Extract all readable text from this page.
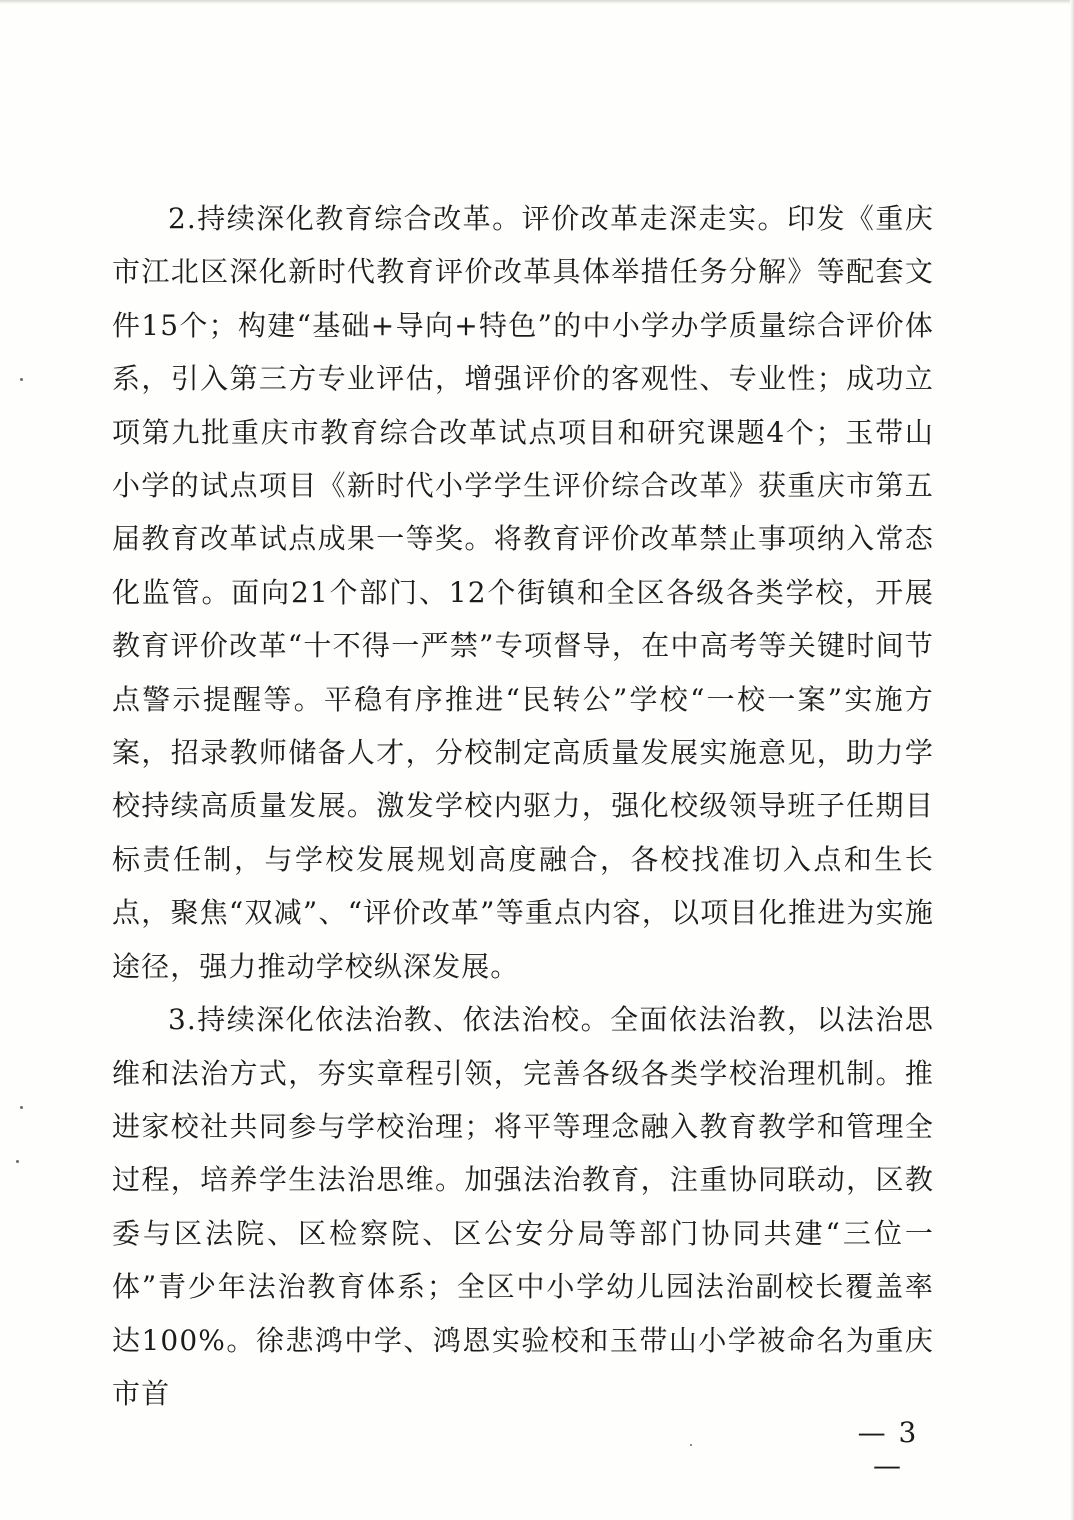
2.持续深化教育综合改革。评价改革走深走实。印发《重庆市江北区深化新时代教育评价改革具体举措任务分解》等配套文件15个；构建“基础+导向+特色”的中小学办学质量综合评价体系，引入第三方专业评估，增强评价的客观性、专业性；成功立项第九批重庆市教育综合改革试点项目和研究课题4个；玉带山小学的试点项目《新时代小学学生评价综合改革》获重庆市第五届教育改革试点成果一等奖。将教育评价改革禁止事项纳入常态化监管。面向21个部门、12个街镇和全区各级各类学校，开展教育评价改革“十不得一严禁”专项督导，在中高考等关键时间节点警示提醒等。平稳有序推进“民转公”学校“一校一案”实施方案，招录教师储备人才，分校制定高质量发展实施意见，助力学校持续高质量发展。激发学校内驱力，强化校级领导班子任期目标责任制，与学校发展规划高度融合，各校找准切入点和生长点，聚焦“双减”、“评价改革”等重点内容，以项目化推进为实施途径，强力推动学校纵深发展。

3.持续深化依法治教、依法治校。全面依法治教，以法治思维和法治方式，夯实章程引领，完善各级各类学校治理机制。推进家校社共同参与学校治理；将平等理念融入教育教学和管理全过程，培养学生法治思维。加强法治教育，注重协同联动，区教委与区法院、区检察院、区公安分局等部门协同共建“三位一体”青少年法治教育体系；全区中小学幼儿园法治副校长覆盖率达100%。徐悲鸿中学、鸿恩实验校和玉带山小学被命名为重庆市首

— 3 —
